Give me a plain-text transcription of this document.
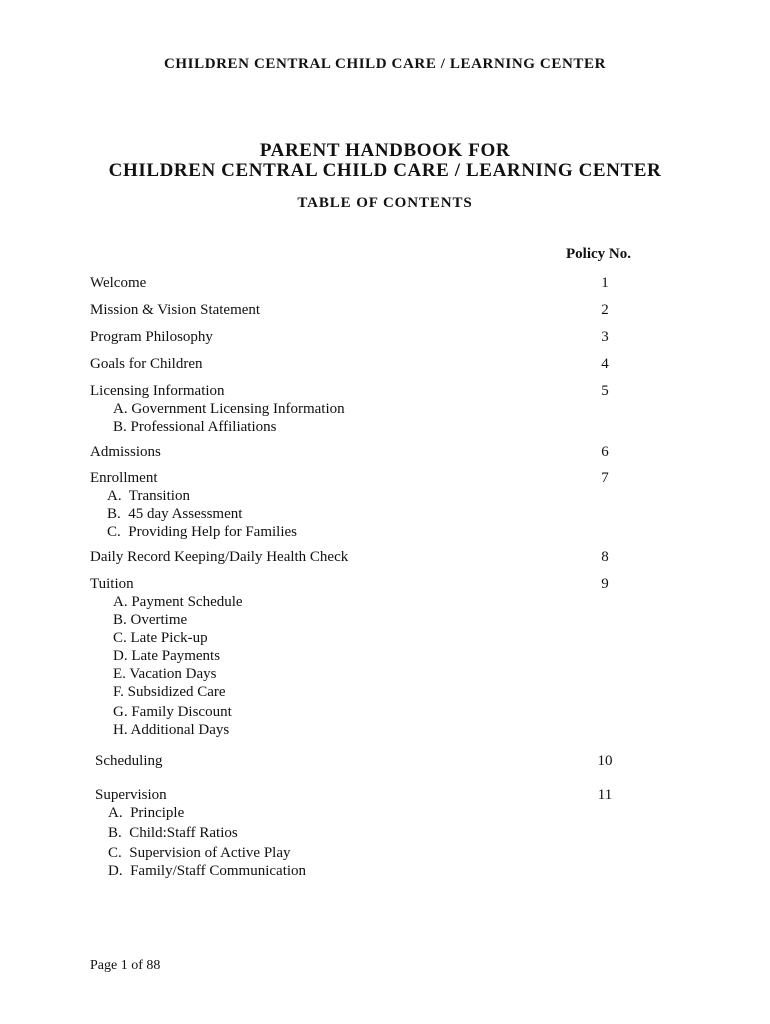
CHILDREN CENTRAL CHILD CARE / LEARNING CENTER
PARENT HANDBOOK FOR
CHILDREN CENTRAL CHILD CARE / LEARNING CENTER
TABLE OF CONTENTS
Policy No.
Welcome	1
Mission & Vision Statement	2
Program Philosophy	3
Goals for Children	4
Licensing Information	5
A. Government Licensing Information
B. Professional Affiliations
Admissions	6
Enrollment	7
A.  Transition
B.  45 day Assessment
C.  Providing Help for Families
Daily Record Keeping/Daily Health Check	8
Tuition	9
A. Payment Schedule
B. Overtime
C. Late Pick-up
D. Late Payments
E. Vacation Days
F. Subsidized Care
G. Family Discount
H. Additional Days
Scheduling	10
Supervision	11
A.  Principle
B.  Child:Staff Ratios
C.  Supervision of Active Play
D.  Family/Staff Communication
Page 1 of 88
